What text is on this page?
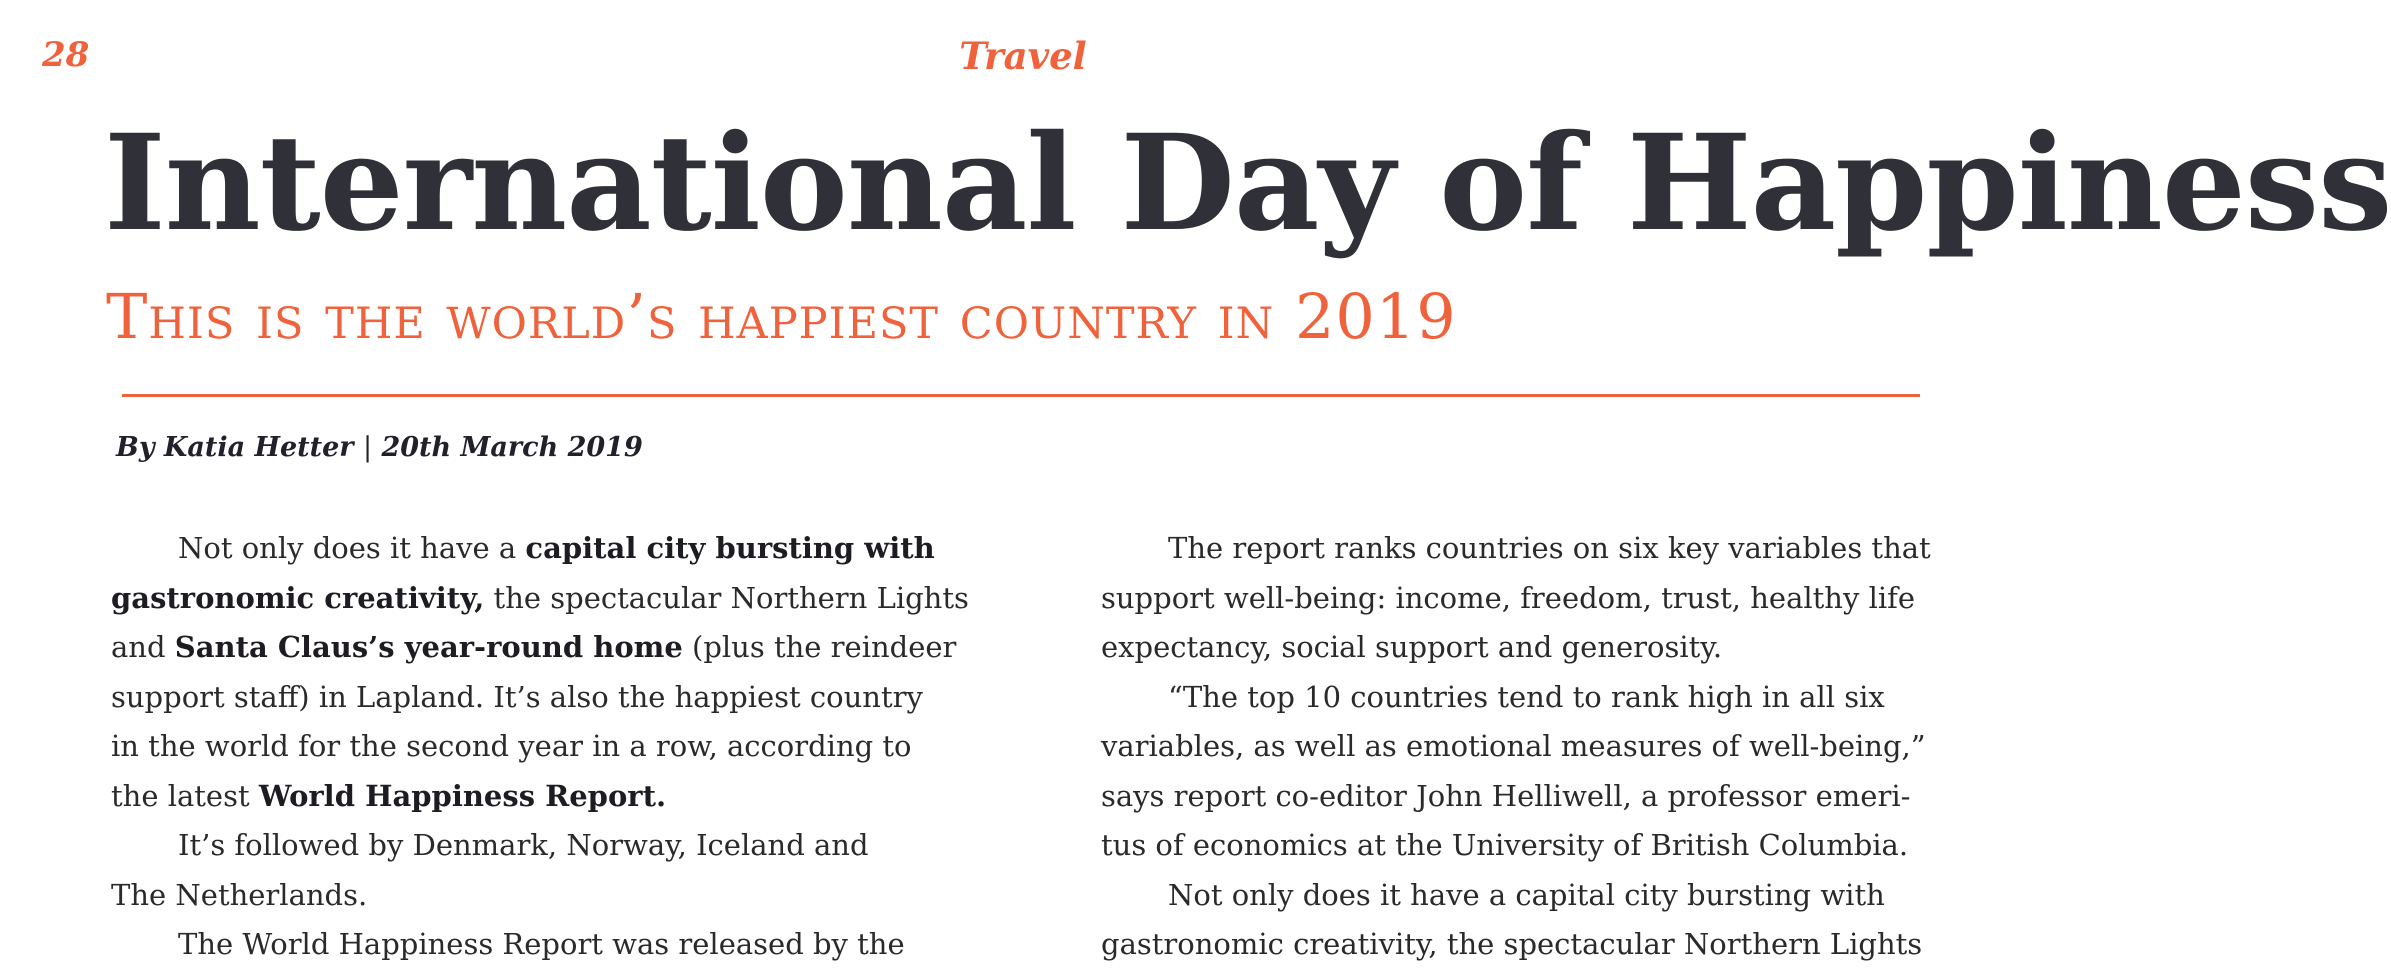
28	Travel
International Day of Happiness
This is the world’s happiest country in 2019
By Katia Hetter | 20th March 2019
Not only does it have a capital city bursting with
gastronomic creativity, the spectacular Northern Lights
and Santa Claus’s year-round home (plus the reindeer
support staff) in Lapland. It’s also the happiest country
in the world for the second year in a row, according to
the latest World Happiness Report.
It’s followed by Denmark, Norway, Iceland and
The Netherlands.
The World Happiness Report was released by the
The report ranks countries on six key variables that
support well-being: income, freedom, trust, healthy life
expectancy, social support and generosity.
“The top 10 countries tend to rank high in all six
variables, as well as emotional measures of well-being,”
says report co-editor John Helliwell, a professor emeri-
tus of economics at the University of British Columbia.
Not only does it have a capital city bursting with
gastronomic creativity, the spectacular Northern Lights
